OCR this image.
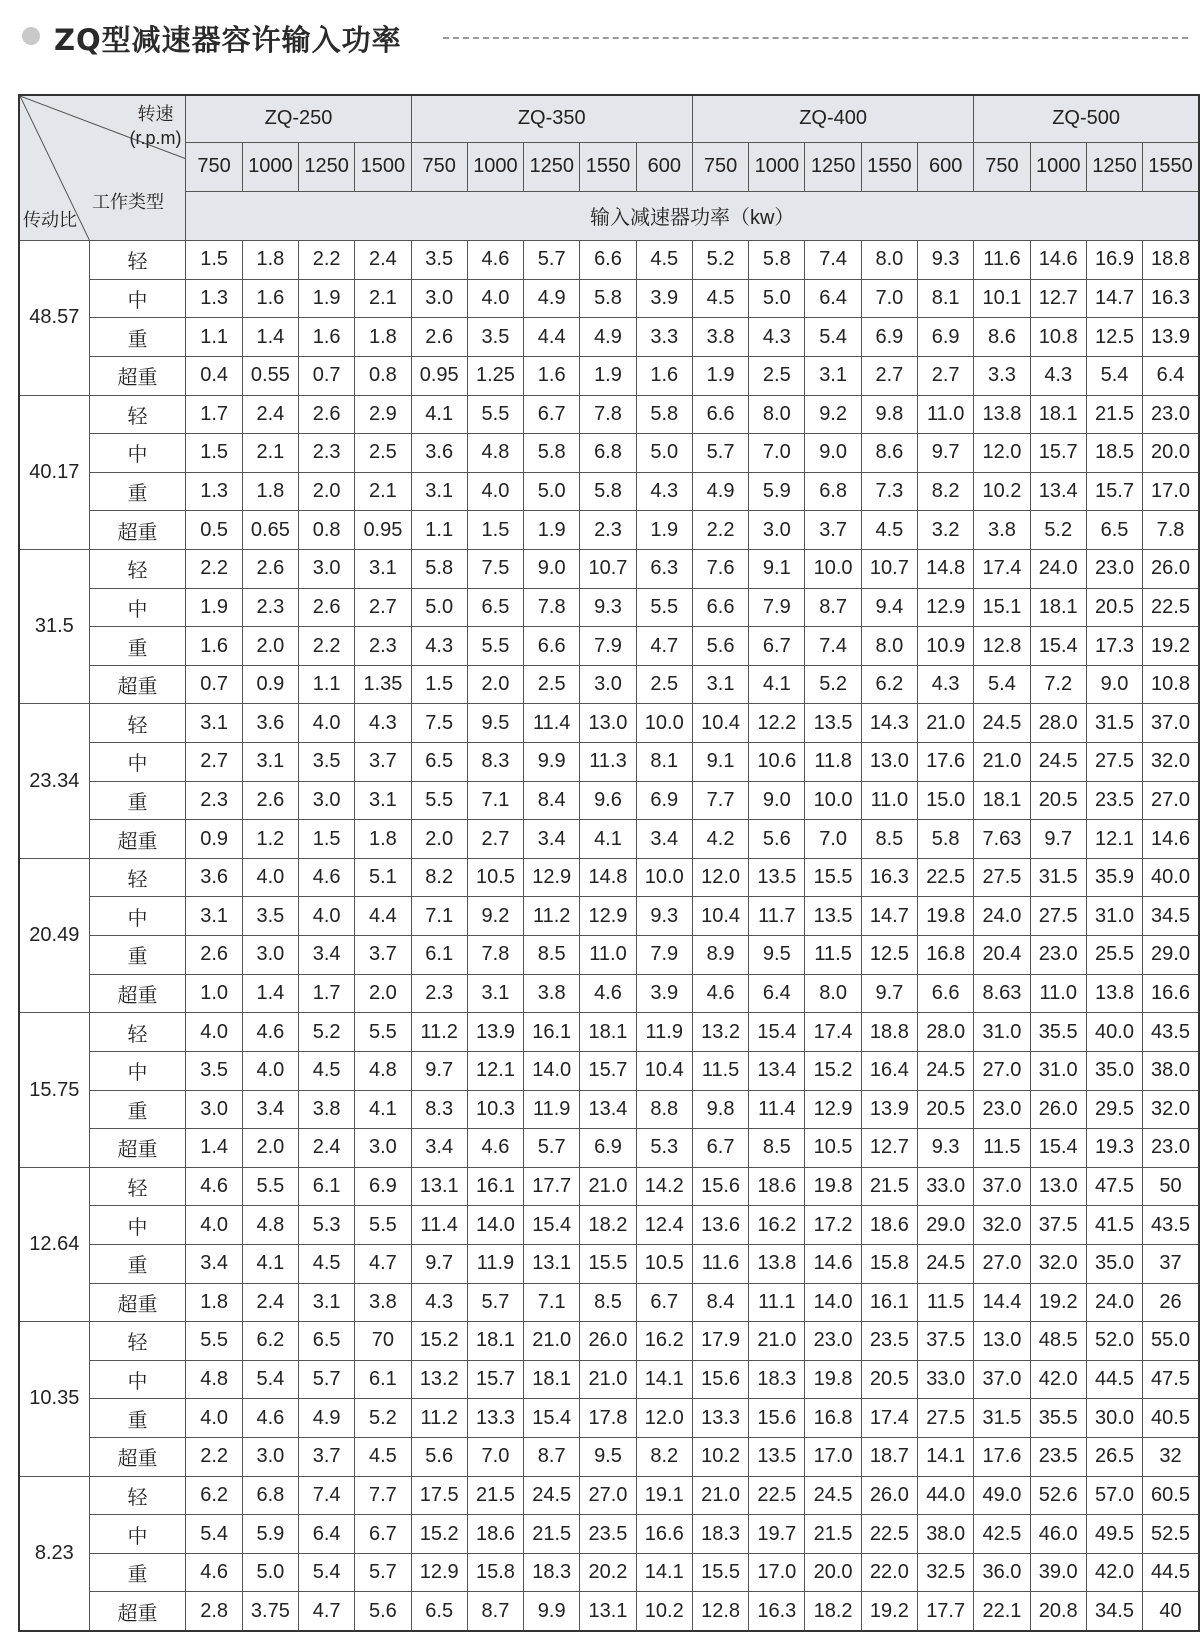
ZQ型减速器容许输入功率
转速
(r.p.m)
工作类型
传动比		ZQ-250				ZQ-350					ZQ-400					ZQ-500			
		750	1000	1250	1500	750	1000	1250	1550	600	750	1000	1250	1550	600	750	1000	1250	1550
		输入减速器功率（kw）																	
48.57	轻	1.5	1.8	2.2	2.4	3.5	4.6	5.7	6.6	4.5	5.2	5.8	7.4	8.0	9.3	11.6	14.6	16.9	18.8
	中	1.3	1.6	1.9	2.1	3.0	4.0	4.9	5.8	3.9	4.5	5.0	6.4	7.0	8.1	10.1	12.7	14.7	16.3
	重	1.1	1.4	1.6	1.8	2.6	3.5	4.4	4.9	3.3	3.8	4.3	5.4	6.9	6.9	8.6	10.8	12.5	13.9
	超重	0.4	0.55	0.7	0.8	0.95	1.25	1.6	1.9	1.6	1.9	2.5	3.1	2.7	2.7	3.3	4.3	5.4	6.4
40.17	轻	1.7	2.4	2.6	2.9	4.1	5.5	6.7	7.8	5.8	6.6	8.0	9.2	9.8	11.0	13.8	18.1	21.5	23.0
	中	1.5	2.1	2.3	2.5	3.6	4.8	5.8	6.8	5.0	5.7	7.0	9.0	8.6	9.7	12.0	15.7	18.5	20.0
	重	1.3	1.8	2.0	2.1	3.1	4.0	5.0	5.8	4.3	4.9	5.9	6.8	7.3	8.2	10.2	13.4	15.7	17.0
	超重	0.5	0.65	0.8	0.95	1.1	1.5	1.9	2.3	1.9	2.2	3.0	3.7	4.5	3.2	3.8	5.2	6.5	7.8
31.5	轻	2.2	2.6	3.0	3.1	5.8	7.5	9.0	10.7	6.3	7.6	9.1	10.0	10.7	14.8	17.4	24.0	23.0	26.0
	中	1.9	2.3	2.6	2.7	5.0	6.5	7.8	9.3	5.5	6.6	7.9	8.7	9.4	12.9	15.1	18.1	20.5	22.5
	重	1.6	2.0	2.2	2.3	4.3	5.5	6.6	7.9	4.7	5.6	6.7	7.4	8.0	10.9	12.8	15.4	17.3	19.2
	超重	0.7	0.9	1.1	1.35	1.5	2.0	2.5	3.0	2.5	3.1	4.1	5.2	6.2	4.3	5.4	7.2	9.0	10.8
23.34	轻	3.1	3.6	4.0	4.3	7.5	9.5	11.4	13.0	10.0	10.4	12.2	13.5	14.3	21.0	24.5	28.0	31.5	37.0
	中	2.7	3.1	3.5	3.7	6.5	8.3	9.9	11.3	8.1	9.1	10.6	11.8	13.0	17.6	21.0	24.5	27.5	32.0
	重	2.3	2.6	3.0	3.1	5.5	7.1	8.4	9.6	6.9	7.7	9.0	10.0	11.0	15.0	18.1	20.5	23.5	27.0
	超重	0.9	1.2	1.5	1.8	2.0	2.7	3.4	4.1	3.4	4.2	5.6	7.0	8.5	5.8	7.63	9.7	12.1	14.6
20.49	轻	3.6	4.0	4.6	5.1	8.2	10.5	12.9	14.8	10.0	12.0	13.5	15.5	16.3	22.5	27.5	31.5	35.9	40.0
	中	3.1	3.5	4.0	4.4	7.1	9.2	11.2	12.9	9.3	10.4	11.7	13.5	14.7	19.8	24.0	27.5	31.0	34.5
	重	2.6	3.0	3.4	3.7	6.1	7.8	8.5	11.0	7.9	8.9	9.5	11.5	12.5	16.8	20.4	23.0	25.5	29.0
	超重	1.0	1.4	1.7	2.0	2.3	3.1	3.8	4.6	3.9	4.6	6.4	8.0	9.7	6.6	8.63	11.0	13.8	16.6
15.75	轻	4.0	4.6	5.2	5.5	11.2	13.9	16.1	18.1	11.9	13.2	15.4	17.4	18.8	28.0	31.0	35.5	40.0	43.5
	中	3.5	4.0	4.5	4.8	9.7	12.1	14.0	15.7	10.4	11.5	13.4	15.2	16.4	24.5	27.0	31.0	35.0	38.0
	重	3.0	3.4	3.8	4.1	8.3	10.3	11.9	13.4	8.8	9.8	11.4	12.9	13.9	20.5	23.0	26.0	29.5	32.0
	超重	1.4	2.0	2.4	3.0	3.4	4.6	5.7	6.9	5.3	6.7	8.5	10.5	12.7	9.3	11.5	15.4	19.3	23.0
12.64	轻	4.6	5.5	6.1	6.9	13.1	16.1	17.7	21.0	14.2	15.6	18.6	19.8	21.5	33.0	37.0	13.0	47.5	50
	中	4.0	4.8	5.3	5.5	11.4	14.0	15.4	18.2	12.4	13.6	16.2	17.2	18.6	29.0	32.0	37.5	41.5	43.5
	重	3.4	4.1	4.5	4.7	9.7	11.9	13.1	15.5	10.5	11.6	13.8	14.6	15.8	24.5	27.0	32.0	35.0	37
	超重	1.8	2.4	3.1	3.8	4.3	5.7	7.1	8.5	6.7	8.4	11.1	14.0	16.1	11.5	14.4	19.2	24.0	26
10.35	轻	5.5	6.2	6.5	70	15.2	18.1	21.0	26.0	16.2	17.9	21.0	23.0	23.5	37.5	13.0	48.5	52.0	55.0
	中	4.8	5.4	5.7	6.1	13.2	15.7	18.1	21.0	14.1	15.6	18.3	19.8	20.5	33.0	37.0	42.0	44.5	47.5
	重	4.0	4.6	4.9	5.2	11.2	13.3	15.4	17.8	12.0	13.3	15.6	16.8	17.4	27.5	31.5	35.5	30.0	40.5
	超重	2.2	3.0	3.7	4.5	5.6	7.0	8.7	9.5	8.2	10.2	13.5	17.0	18.7	14.1	17.6	23.5	26.5	32
8.23	轻	6.2	6.8	7.4	7.7	17.5	21.5	24.5	27.0	19.1	21.0	22.5	24.5	26.0	44.0	49.0	52.6	57.0	60.5
	中	5.4	5.9	6.4	6.7	15.2	18.6	21.5	23.5	16.6	18.3	19.7	21.5	22.5	38.0	42.5	46.0	49.5	52.5
	重	4.6	5.0	5.4	5.7	12.9	15.8	18.3	20.2	14.1	15.5	17.0	20.0	22.0	32.5	36.0	39.0	42.0	44.5
	超重	2.8	3.75	4.7	5.6	6.5	8.7	9.9	13.1	10.2	12.8	16.3	18.2	19.2	17.7	22.1	20.8	34.5	40
